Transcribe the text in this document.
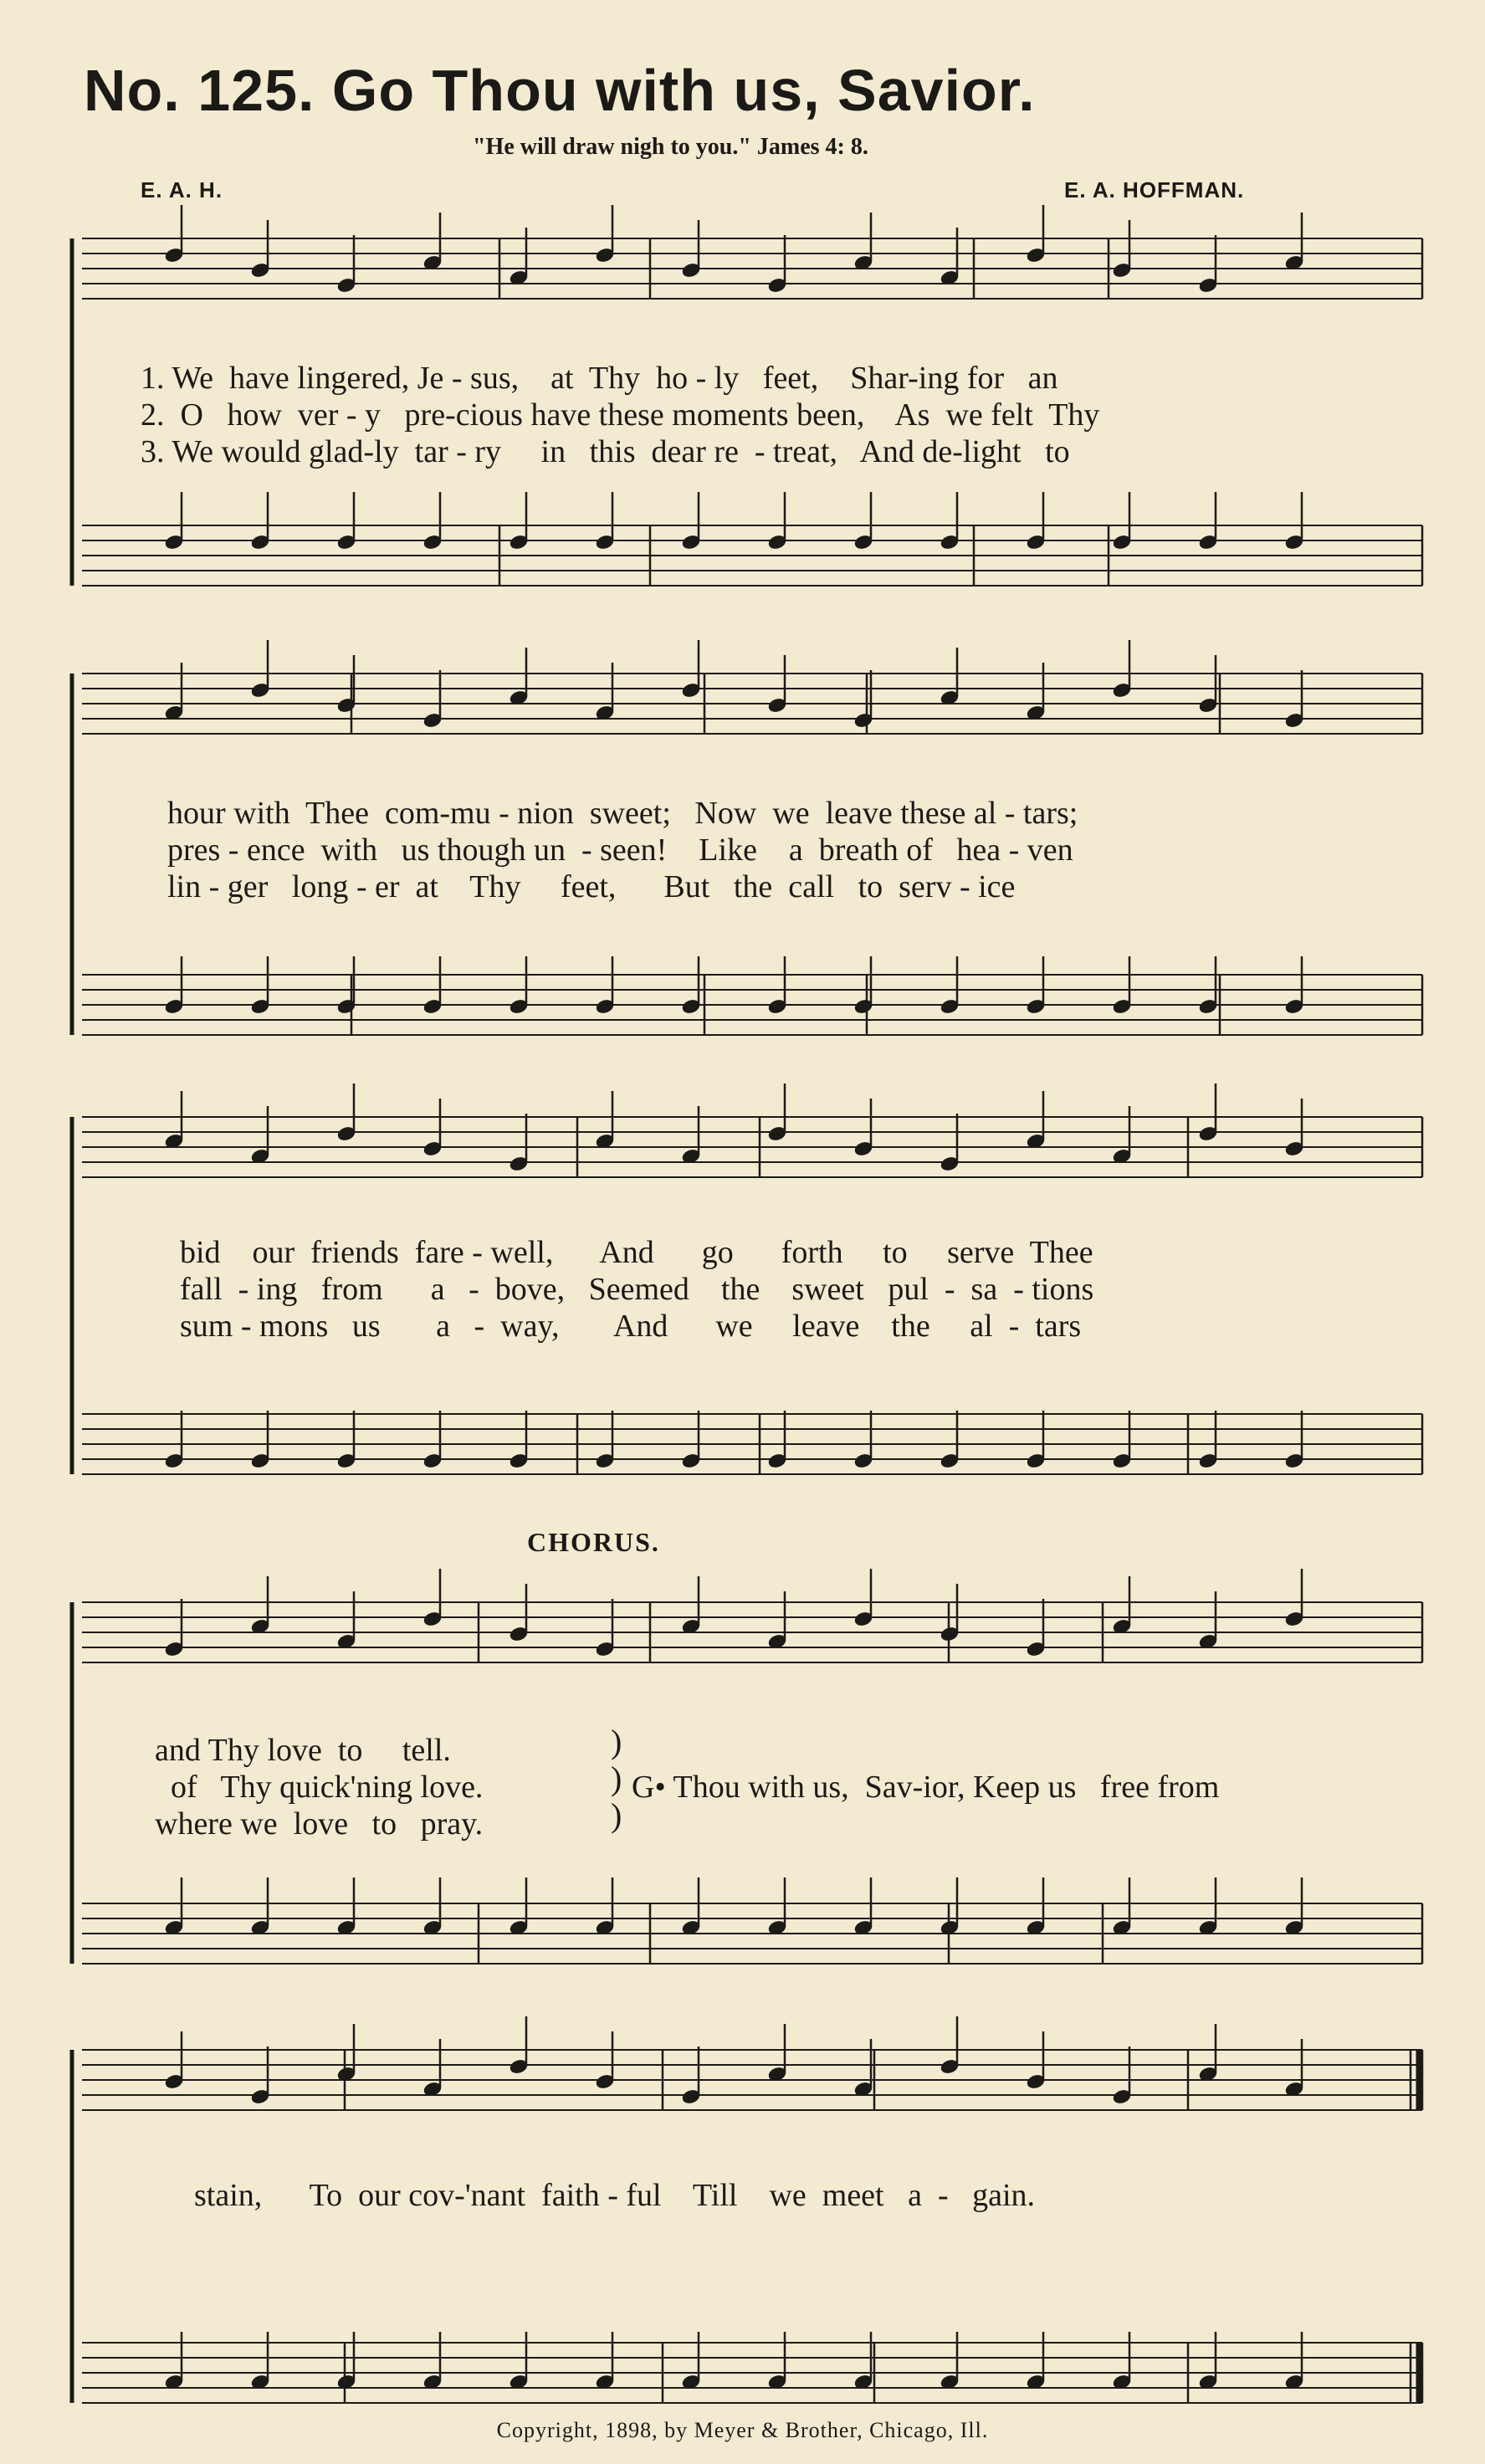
No. 125. Go Thou with us, Savior.
"He will draw nigh to you." James 4: 8.
E. A. H.	E. A. HOFFMAN.
CHORUS.
1. We  have lingered, Je - sus,    at  Thy  ho - ly   feet,    Shar-ing for   an
2.  O   how  ver - y   pre-cious have these moments been,    As  we felt  Thy
3. We would glad-ly  tar - ry     in   this  dear re  - treat,   And de-light   to
hour with  Thee  com-mu - nion  sweet;   Now  we  leave these al - tars;
pres - ence  with   us though un  - seen!    Like    a  breath of   hea - ven
lin - ger   long - er  at    Thy     feet,      But   the  call   to  serv - ice
bid    our  friends  fare - well,      And      go      forth     to     serve  Thee
fall  - ing   from      a   -  bove,   Seemed    the    sweet   pul  -  sa  - tions
sum - mons   us       a   -  way,       And      we     leave    the     al  -  tars
and Thy love  to     tell.
of   Thy quick'ning love.
where we  love   to   pray.
)
)
)
G• Thou with us,  Sav-ior, Keep us   free from
stain,      To  our cov-'nant  faith - ful    Till    we  meet   a  -   gain.
Copyright, 1898, by Meyer & Brother, Chicago, Ill.
